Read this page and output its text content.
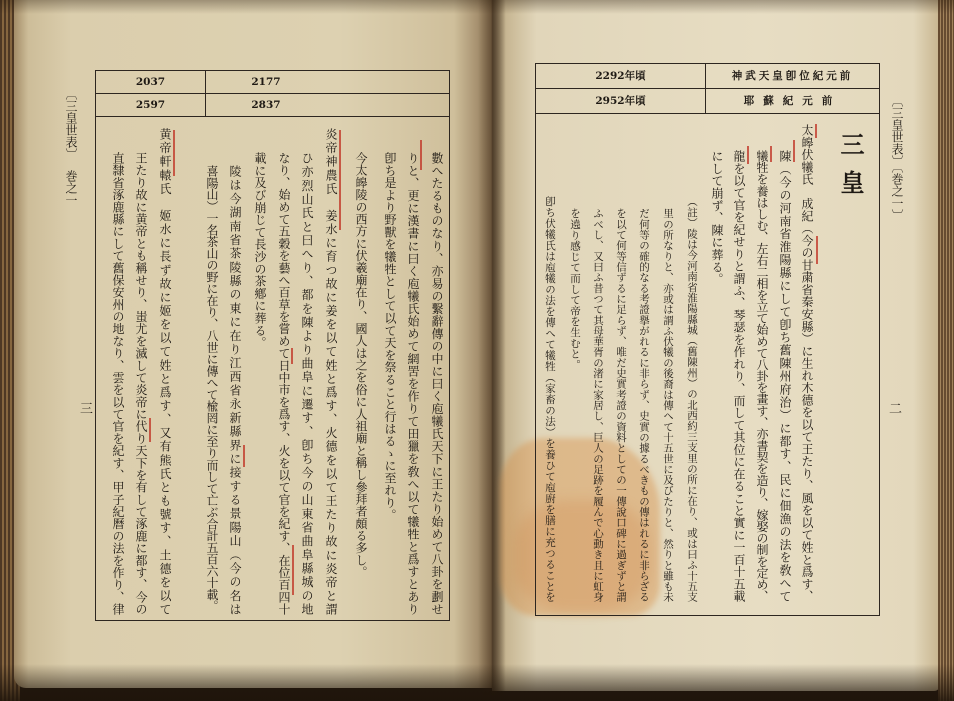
〔三皇世表〕巻之一
三
2037	2177
2597	2837
數へたるものなり、亦易の繫辭傳の中に曰く庖犧氏天下に王たり始めて八卦を劃せ
りと、更に漢書に曰く庖犧氏始めて網罟を作りて田獵を敎へ以て犧牲と爲すとあり
卽ち是より野獸を犧牲として以て天を祭ること行はるゝに至れり。
今太皞陵の西方に伏羲廟在り、國人は之を俗に人祖廟と稱し參拜者頗る多し。
炎帝神農氏　姜水に育つ故に姜を以て姓と爲す、火德を以て王たり故に炎帝と謂
ひ亦烈山氏と曰へり、都を陳より曲阜に遷す、卽ち今の山東省曲阜縣城の地
なり、始めて五穀を藝へ百草を嘗めて日中市を爲す、火を以て官を紀す、在位百四十
載に及び崩じて長沙の茶鄕に葬る。
陵は今湖南省茶陵縣の東に在り江西省永新縣界に接する景陽山（今の名は
喜陽山）一名茶山の野に在り、八世に傳へて楡罔に至り而して亡ぶ合計五百六十載。
黄帝軒轅氏　姬水に長ず故に姬を以て姓と爲す、又有熊氏とも號す、土德を以て
王たり故に黄帝とも稱せり、蚩尤を滅して炎帝に代り天下を有して涿鹿に都す、今の
直隸省涿鹿縣にして舊保安州の地なり、雲を以て官を紀す、甲子紀曆の法を作り、律
〔三皇世表〕〔巻之一〕
二
2292年頃	神武天皇卽位紀元前
2952年頃	耶蘇紀元前
三皇
太皞伏犧氏　成紀（今の甘粛省秦安縣）に生れ木德を以て王たり、風を以て姓と爲す、
陳（今の河南省淮陽縣にして卽ち舊陳州府治）に都す、民に佃漁の法を敎へて
犧牲を養はしむ、左右二相を立て始めて八卦を畫す、亦書契を造り、嫁娶の制を定め、
龍を以て官を紀せりと謂ふ、琴瑟を作れり、而して其位に在ること實に一百十五載
にして崩ず、陳に葬る。
（註）陵は今河南省淮陽縣城（舊陳州）の北西約三支里の所に在り、或は曰ふ十五支
里の所なりと、亦或は謂ふ伏犧の後裔は傳へて十五世に及びたりと、然りと雖も未
だ何等の確的なる考證擧がれるに非らず、史實の據るべきもの傳はれるに非らざる
を以て何等信ずるに足らず、唯だ史實考證の資料としての一傳說口碑に過ぎずと謂
ふべし、又曰ふ昔つて其母華胥の渚に家居し、巨人の足跡を履んで心動き且に虹身
を遶り感じて而して帝を生むと。
卽ち伏犧氏は庖犧の法を傳へて犧牲（家畜の法）を養ひて庖廚を膳に充つることを
